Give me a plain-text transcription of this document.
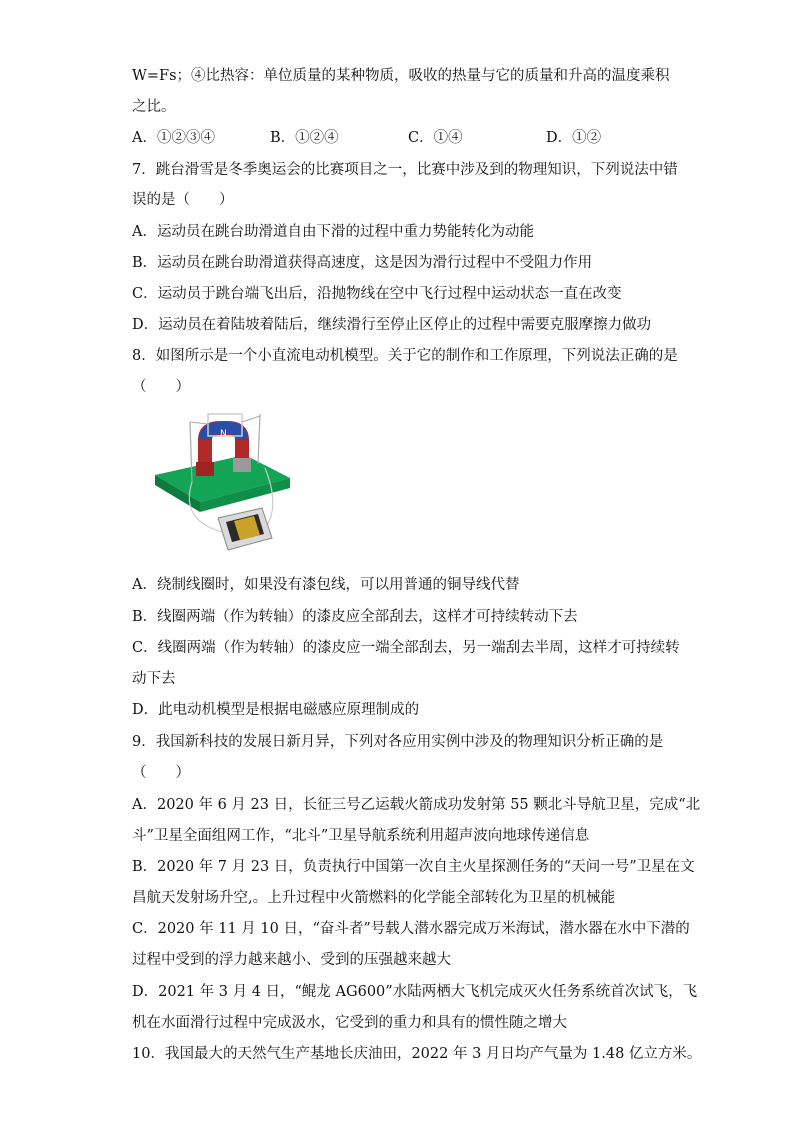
W=Fs；④比热容：单位质量的某种物质，吸收的热量与它的质量和升高的温度乘积
之比。
A．①②③④	B．①②④	C．①④	D．①②
7．跳台滑雪是冬季奥运会的比赛项目之一，比赛中涉及到的物理知识，下列说法中错
误的是（　　）
A．运动员在跳台助滑道自由下滑的过程中重力势能转化为动能
B．运动员在跳台助滑道获得高速度，这是因为滑行过程中不受阻力作用
C．运动员于跳台端飞出后，沿抛物线在空中飞行过程中运动状态一直在改变
D．运动员在着陆坡着陆后，继续滑行至停止区停止的过程中需要克服摩擦力做功
8．如图所示是一个小直流电动机模型。关于它的制作和工作原理，下列说法正确的是
（　　）
N
A．绕制线圈时，如果没有漆包线，可以用普通的铜导线代替
B．线圈两端（作为转轴）的漆皮应全部刮去，这样才可持续转动下去
C．线圈两端（作为转轴）的漆皮应一端全部刮去，另一端刮去半周，这样才可持续转
动下去
D．此电动机模型是根据电磁感应原理制成的
9．我国新科技的发展日新月异，下列对各应用实例中涉及的物理知识分析正确的是
（　　）
A．2020 年 6 月 23 日，长征三号乙运载火箭成功发射第 55 颗北斗导航卫星，完成“北
斗”卫星全面组网工作，“北斗”卫星导航系统利用超声波向地球传递信息
B．2020 年 7 月 23 日，负责执行中国第一次自主火星探测任务的“天问一号”卫星在文
昌航天发射场升空,。上升过程中火箭燃料的化学能全部转化为卫星的机械能
C．2020 年 11 月 10 日，“奋斗者”号载人潜水器完成万米海试，潜水器在水中下潜的
过程中受到的浮力越来越小、受到的压强越来越大
D．2021 年 3 月 4 日，“鲲龙 AG600”水陆两栖大飞机完成灭火任务系统首次试飞，飞
机在水面滑行过程中完成汲水，它受到的重力和具有的惯性随之增大
10．我国最大的天然气生产基地长庆油田，2022 年 3 月日均产气量为 1.48 亿立方米。
